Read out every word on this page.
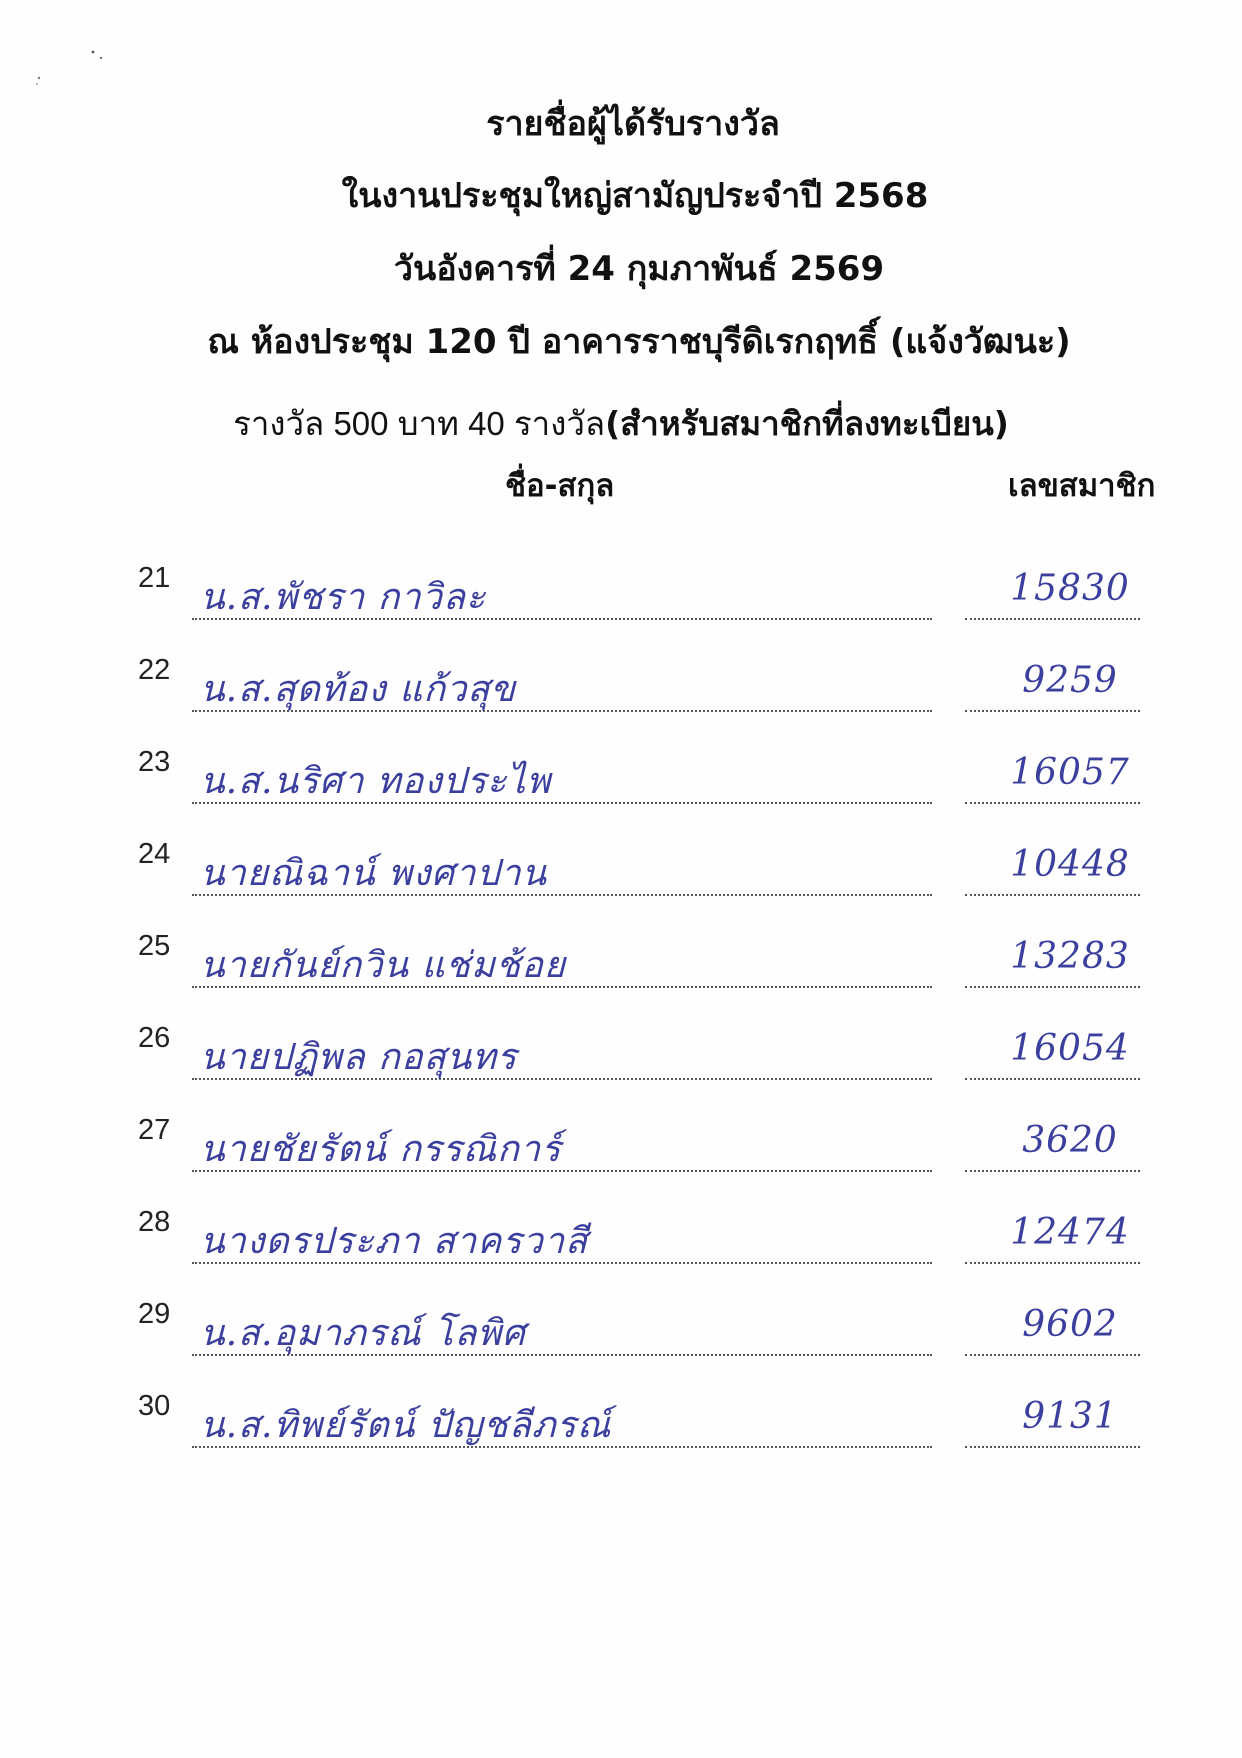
รายชื่อผู้ได้รับรางวัล
ในงานประชุมใหญ่สามัญประจำปี 2568
วันอังคารที่ 24 กุมภาพันธ์ 2569
ณ ห้องประชุม 120 ปี อาคารราชบุรีดิเรกฤทธิ์ (แจ้งวัฒนะ)
รางวัล 500 บาท 40 รางวัล(สำหรับสมาชิกที่ลงทะเบียน)
ชื่อ-สกุล	เลขสมาชิก
21 น.ส.พัชรา กาวิละ	15830
22 น.ส.สุดท้อง แก้วสุข	9259
23 น.ส.นริศา ทองประไพ	16057
24 นายณิฉาน์ พงศาปาน	10448
25 นายกันย์กวิน แช่มช้อย	13283
26 นายปฏิพล กอสุนทร	16054
27 นายชัยรัตน์ กรรณิการ์	3620
28 นางดรประภา สาครวาสี	12474
29 น.ส.อุมาภรณ์ โลพิศ	9602
30 น.ส.ทิพย์รัตน์ ปัญชลีภรณ์	9131
